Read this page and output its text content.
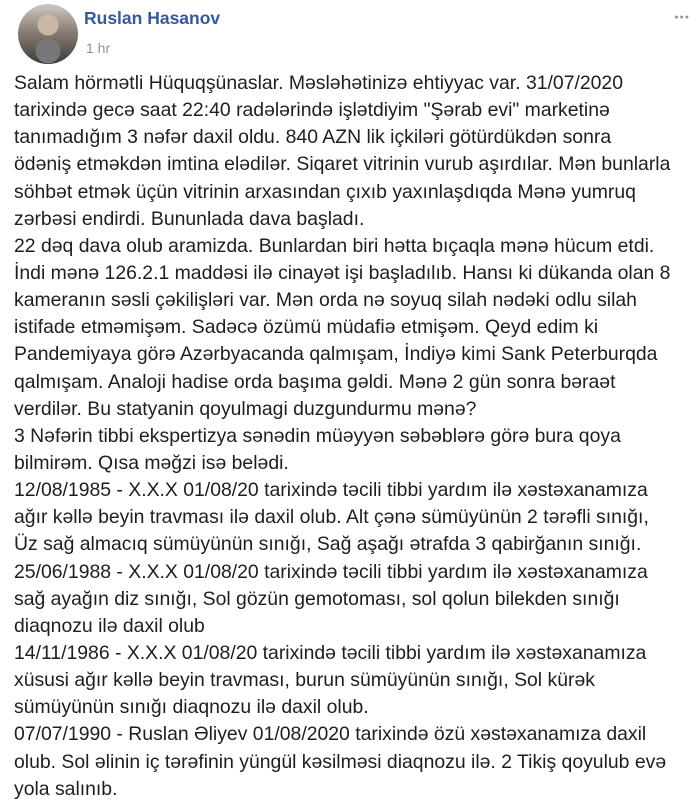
Ruslan Hasanov
1 hr
●●●
Salam hörmətli Hüquqşünaslar. Məsləhətinizə ehtiyyac var. 31/07/2020
tarixində gecə saat 22:40 radələrində işlətdiyim "Şərab evi" marketinə
tanımadığım 3 nəfər daxil oldu. 840 AZN lik içkiləri götürdükdən sonra
ödəniş etməkdən imtina elədilər. Siqaret vitrinin vurub aşırdılar. Mən bunlarla
söhbət etmək üçün vitrinin arxasından çıxıb yaxınlaşdıqda Mənə yumruq
zərbəsi endirdi. Bununlada dava başladı.
22 dəq dava olub aramizda. Bunlardan biri hətta bıçaqla mənə hücum etdi.
İndi mənə 126.2.1 maddəsi ilə cinayət işi başladılıb. Hansı ki dükanda olan 8
kameranın səsli çəkilişləri var. Mən orda nə soyuq silah nədəki odlu silah
istifade etməmişəm. Sadəcə özümü müdafiə etmişəm. Qeyd edim ki
Pandemiyaya görə Azərbyacanda qalmışam, İndiyə kimi Sank Peterburqda
qalmışam. Analoji hadise orda başıma gəldi. Mənə 2 gün sonra bəraət
verdilər. Bu statyanin qoyulmagi duzgundurmu mənə?
3 Nəfərin tibbi ekspertizya sənədin müəyyən səbəblərə görə bura qoya
bilmirəm. Qısa məğzi isə belədi.
12/08/1985 - X.X.X 01/08/20 tarixində təcili tibbi yardım ilə xəstəxanamıza
ağır kəllə beyin travması ilə daxil olub. Alt çənə sümüyünün 2 tərəfli sınığı,
Üz sağ almacıq sümüyünün sınığı, Sağ aşağı ətrafda 3 qabirğanın sınığı.
25/06/1988 - X.X.X 01/08/20 tarixində təcili tibbi yardım ilə xəstəxanamıza
sağ ayağın diz sınığı, Sol gözün gemotoması, sol qolun bilekden sınığı
diaqnozu ilə daxil olub
14/11/1986 - X.X.X 01/08/20 tarixində təcili tibbi yardım ilə xəstəxanamıza
xüsusi ağır kəllə beyin travması, burun sümüyünün sınığı, Sol kürək
sümüyünün sınığı diaqnozu ilə daxil olub.
07/07/1990 - Ruslan Əliyev 01/08/2020 tarixində özü xəstəxanamıza daxil
olub. Sol əlinin iç tərəfinin yüngül kəsilməsi diaqnozu ilə. 2 Tikiş qoyulub evə
yola salınıb.
